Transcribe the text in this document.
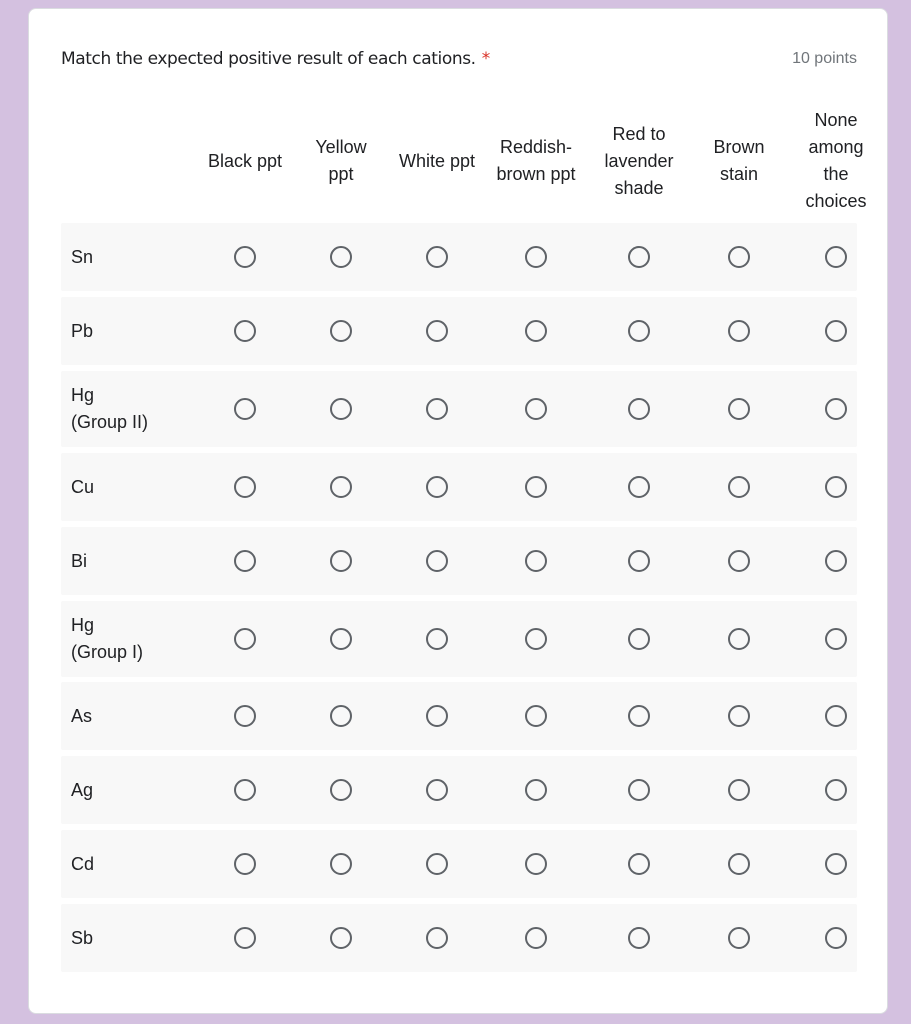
Match the expected positive result of each cations. *	10 points
Black ppt
Yellow
ppt
White ppt
Reddish-
brown ppt
Red to
lavender
shade
Brown
stain
None
among
the
choices
Sn
Pb
Hg
(Group II)
Cu
Bi
Hg
(Group I)
As
Ag
Cd
Sb
